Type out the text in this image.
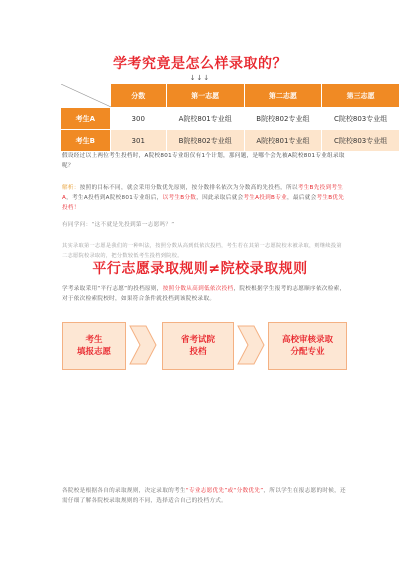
学考究竟是怎么样录取的？
↓↓↓
	分数	第一志愿	第二志愿	第三志愿
考生A	300	A院校801专业组	B院校802专业组	C院校803专业组
考生B	301	B院校802专业组	A院校801专业组	C院校803专业组
假设经过以上两位考生投档时，A院校801专业组仅有1个计划，那问题，是哪个会先被A院校801专业组录取呢？
解析：按照的目标不同，就会采用分数优先原则，按分数排名依次为分数高的先投档，所以考生B先投到考生A，考生A投档到A院校801专业组后，以考生B分数，因此录取后就会考生A投到B专业，最后就会考生B优先投档！
有同学问：“这不就是先投到第一志愿吗？”
其实录取第一志愿是我们的一种叫法，按照分数从高到低依次投档，考生若在其第一志愿院校未被录取，则继续投第二志愿院校录取的，把分数较低考生投档到院校。
平行志愿录取规则≠院校录取规则
学考录取采用“平行志愿”的投档原则，按照分数从高到低依次投档，院校根据学生报考的志愿顺序依次检索，对于依次检索院校时，如果符合条件就投档到该院校录取。
考生
填报志愿
省考试院
投档
高校审核录取
分配专业
各院校是根据各自的录取规则，决定录取的考生“专业志愿优先”或“分数优先”，所以学生在报志愿的时候，还需仔细了解各院校录取规则的不同，选择适合自己的投档方式。
